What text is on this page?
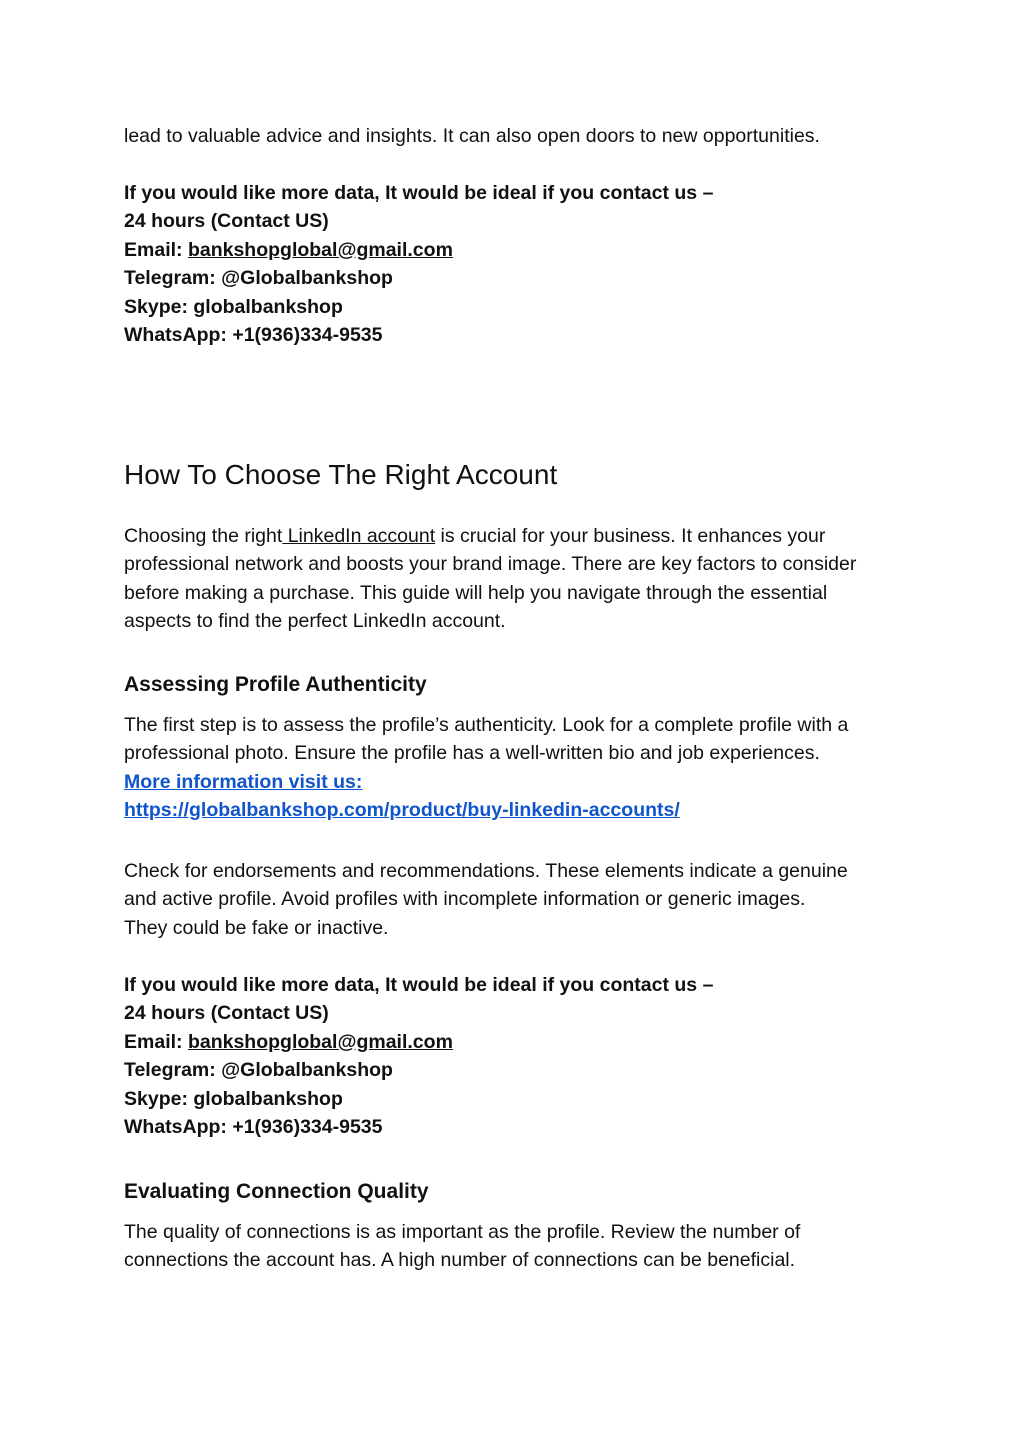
lead to valuable advice and insights. It can also open doors to new opportunities.

If you would like more data, It would be ideal if you contact us –
24 hours (Contact US)
Email: bankshopglobal@gmail.com
Telegram: @Globalbankshop
Skype: globalbankshop
WhatsApp: +1(936)334-9535

How To Choose The Right Account

Choosing the right LinkedIn account is crucial for your business. It enhances your
professional network and boosts your brand image. There are key factors to consider
before making a purchase. This guide will help you navigate through the essential
aspects to find the perfect LinkedIn account.

Assessing Profile Authenticity

The first step is to assess the profile’s authenticity. Look for a complete profile with a
professional photo. Ensure the profile has a well-written bio and job experiences.
More information visit us:
https://globalbankshop.com/product/buy-linkedin-accounts/

Check for endorsements and recommendations. These elements indicate a genuine
and active profile. Avoid profiles with incomplete information or generic images.
They could be fake or inactive.

If you would like more data, It would be ideal if you contact us –
24 hours (Contact US)
Email: bankshopglobal@gmail.com
Telegram: @Globalbankshop
Skype: globalbankshop
WhatsApp: +1(936)334-9535

Evaluating Connection Quality

The quality of connections is as important as the profile. Review the number of
connections the account has. A high number of connections can be beneficial.
